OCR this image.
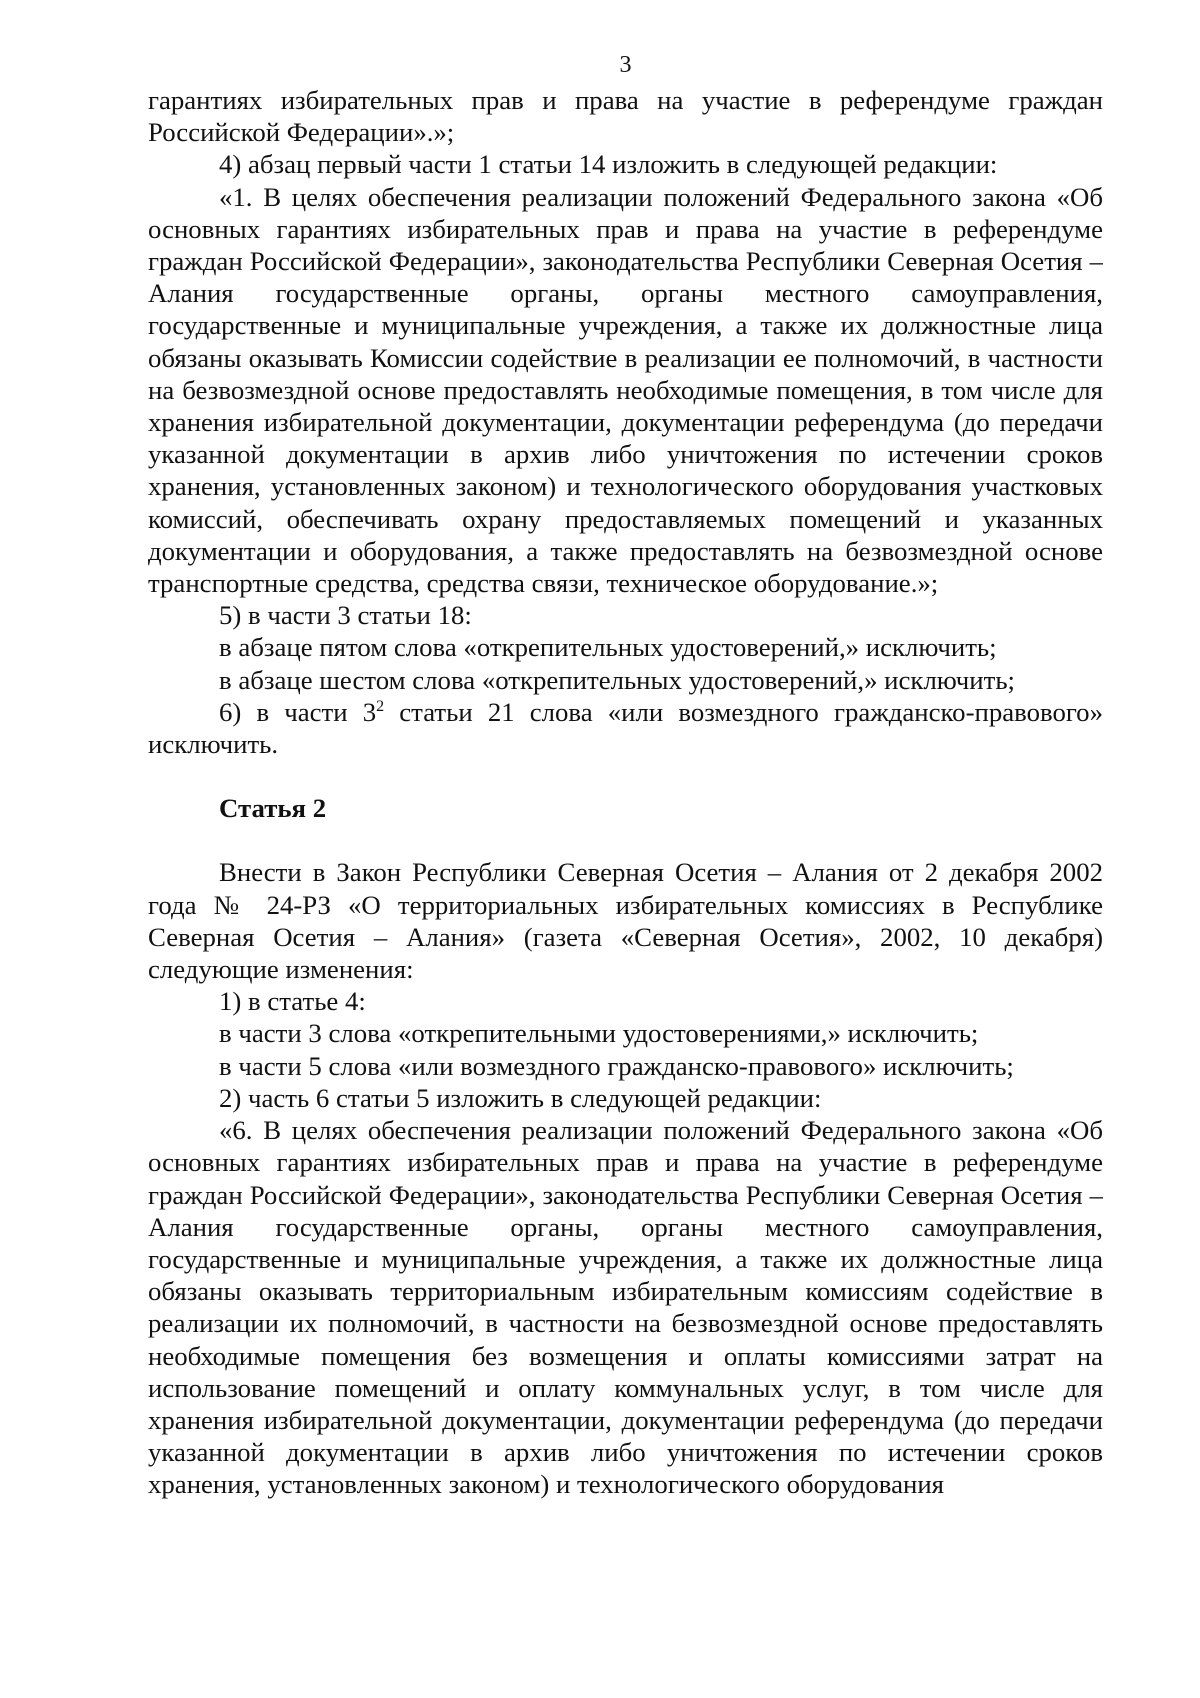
3

гарантиях избирательных прав и права на участие в референдуме граждан Российской Федерации».»;

4) абзац первый части 1 статьи 14 изложить в следующей редакции:

«1. В целях обеспечения реализации положений Федерального закона «Об основных гарантиях избирательных прав и права на участие в референдуме граждан Российской Федерации», законодательства Республики Северная Осетия – Алания государственные органы, органы местного самоуправления, государственные и муниципальные учреждения, а также их должностные лица обязаны оказывать Комиссии содействие в реализации ее полномочий, в частности на безвозмездной основе предоставлять необходимые помещения, в том числе для хранения избирательной документации, документации референдума (до передачи указанной документации в архив либо уничтожения по истечении сроков хранения, установленных законом) и технологического оборудования участковых комиссий, обеспечивать охрану предоставляемых помещений и указанных документации и оборудования, а также предоставлять на безвозмездной основе транспортные средства, средства связи, техническое оборудование.»;

5) в части 3 статьи 18:

в абзаце пятом слова «открепительных удостоверений,» исключить;

в абзаце шестом слова «открепительных удостоверений,» исключить;

6) в части $3^2$ статьи 21 слова «или возмездного гражданско-правового» исключить.

Статья 2

Внести в Закон Республики Северная Осетия – Алания от 2 декабря 2002 года № 24-РЗ «О территориальных избирательных комиссиях в Республике Северная Осетия – Алания» (газета «Северная Осетия», 2002, 10 декабря) следующие изменения:

1) в статье 4:

в части 3 слова «открепительными удостоверениями,» исключить;

в части 5 слова «или возмездного гражданско-правового» исключить;

2) часть 6 статьи 5 изложить в следующей редакции:

«6. В целях обеспечения реализации положений Федерального закона «Об основных гарантиях избирательных прав и права на участие в референдуме граждан Российской Федерации», законодательства Республики Северная Осетия – Алания государственные органы, органы местного самоуправления, государственные и муниципальные учреждения, а также их должностные лица обязаны оказывать территориальным избирательным комиссиям содействие в реализации их полномочий, в частности на безвозмездной основе предоставлять необходимые помещения без возмещения и оплаты комиссиями затрат на использование помещений и оплату коммунальных услуг, в том числе для хранения избирательной документации, документации референдума (до передачи указанной документации в архив либо уничтожения по истечении сроков хранения, установленных законом) и технологического оборудования
